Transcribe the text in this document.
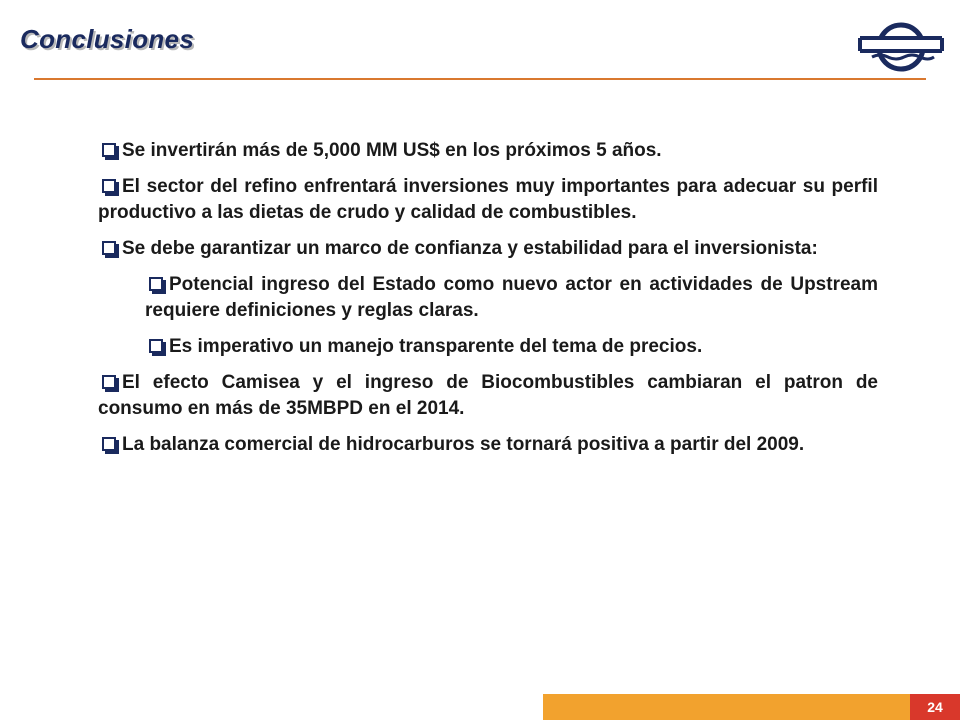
Conclusiones
Se invertirán más de 5,000 MM US$ en los próximos 5 años.
El sector del refino enfrentará inversiones muy importantes para adecuar su perfil productivo a las dietas de crudo y calidad de combustibles.
Se debe garantizar un marco de confianza y estabilidad para el inversionista:
Potencial ingreso del Estado como nuevo actor en actividades de Upstream requiere definiciones y reglas claras.
Es imperativo un manejo transparente del tema de precios.
El efecto Camisea y el ingreso de Biocombustibles cambiaran el patron de consumo en más de 35MBPD en el 2014.
La balanza comercial de hidrocarburos se tornará positiva a partir del 2009.
24
